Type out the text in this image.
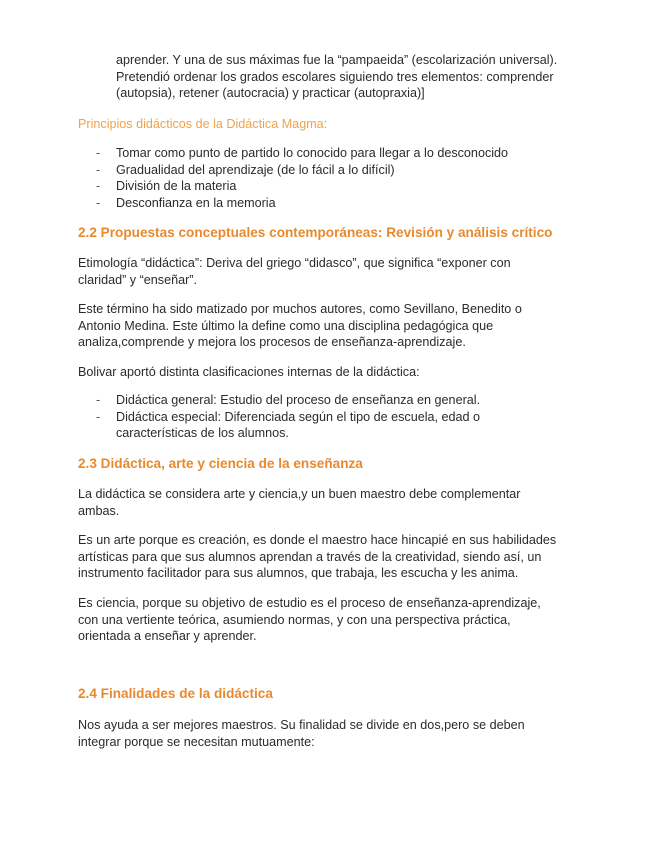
aprender. Y una de sus máximas fue la “pampaeida” (escolarización universal).
Pretendió ordenar los grados escolares siguiendo tres elementos: comprender
(autopsia), retener (autocracia) y practicar (autopraxia)]
Principios didácticos de la Didáctica Magma:
- Tomar como punto de partido lo conocido para llegar a lo desconocido
- Gradualidad del aprendizaje (de lo fácil a lo difícil)
- División de la materia
- Desconfianza en la memoria
2.2 Propuestas conceptuales contemporáneas: Revisión y análisis crítico
Etimología “didáctica”: Deriva del griego “didasco”, que significa “exponer con
claridad” y “enseñar”.
Este término ha sido matizado por muchos autores, como Sevillano, Benedito o
Antonio Medina. Este último la define como una disciplina pedagógica que
analiza,comprende y mejora los procesos de enseñanza-aprendizaje.
Bolivar aportó distinta clasificaciones internas de la didáctica:
- Didáctica general: Estudio del proceso de enseñanza en general.
- Didáctica especial: Diferenciada según el tipo de escuela, edad o características de los alumnos.
2.3 Didáctica, arte y ciencia de la enseñanza
La didáctica se considera arte y ciencia,y un buen maestro debe complementar
ambas.
Es un arte porque es creación, es donde el maestro hace hincapié en sus habilidades
artísticas para que sus alumnos aprendan a través de la creatividad, siendo así, un
instrumento facilitador para sus alumnos, que trabaja, les escucha y les anima.
Es ciencia, porque su objetivo de estudio es el proceso de enseñanza-aprendizaje,
con una vertiente teórica, asumiendo normas, y con una perspectiva práctica,
orientada a enseñar y aprender.
2.4 Finalidades de la didáctica
Nos ayuda a ser mejores maestros. Su finalidad se divide en dos,pero se deben
integrar porque se necesitan mutuamente:
